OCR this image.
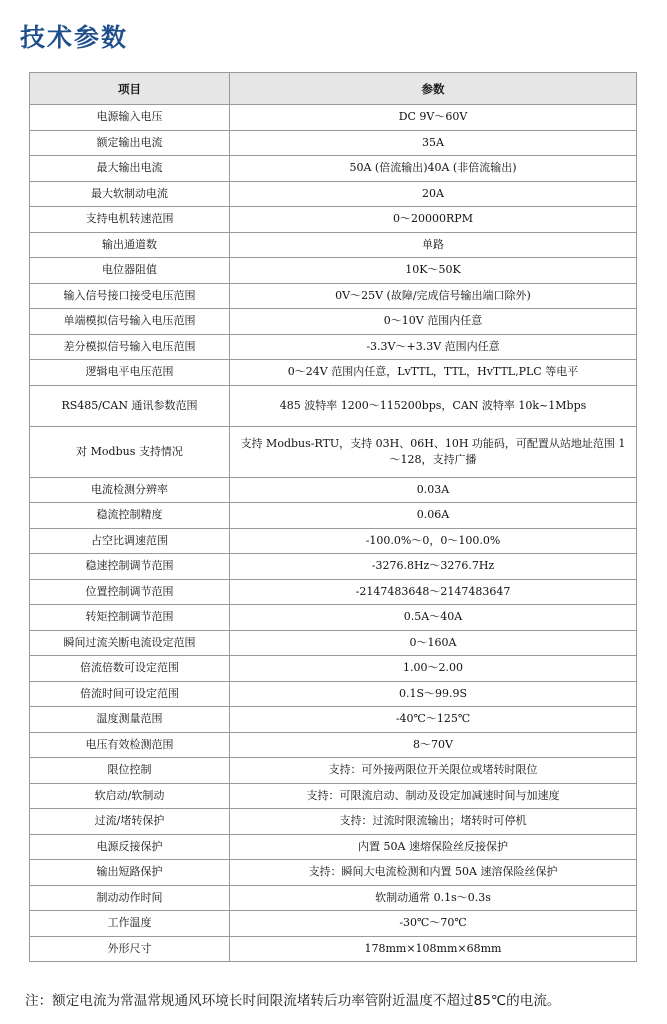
技术参数
项目	参数
电源输入电压	DC 9V～60V
额定输出电流	35A
最大输出电流	50A (倍流输出)40A (非倍流输出)
最大软制动电流	20A
支持电机转速范围	0～20000RPM
输出通道数	单路
电位器阻值	10K～50K
输入信号接口接受电压范围	0V～25V (故障/完成信号输出端口除外)
单端模拟信号输入电压范围	0～10V 范围内任意
差分模拟信号输入电压范围	-3.3V～+3.3V 范围内任意
逻辑电平电压范围	0～24V 范围内任意，LvTTL，TTL，HvTTL,PLC 等电平
RS485/CAN 通讯参数范围	485 波特率 1200～115200bps，CAN 波特率 10k~1Mbps
对 Modbus 支持情况	支持 Modbus-RTU，支持 03H、06H、10H 功能码，可配置从站地址范围 1～128，支持广播
电流检测分辨率	0.03A
稳流控制精度	0.06A
占空比调速范围	-100.0%～0，0～100.0%
稳速控制调节范围	-3276.8Hz～3276.7Hz
位置控制调节范围	-2147483648～2147483647
转矩控制调节范围	0.5A～40A
瞬间过流关断电流设定范围	0～160A
倍流倍数可设定范围	1.00～2.00
倍流时间可设定范围	0.1S～99.9S
温度测量范围	-40℃～125℃
电压有效检测范围	8～70V
限位控制	支持：可外接两限位开关限位或堵转时限位
软启动/软制动	支持：可限流启动、制动及设定加减速时间与加速度
过流/堵转保护	支持：过流时限流输出；堵转时可停机
电源反接保护	内置 50A 速熔保险丝反接保护
输出短路保护	支持：瞬间大电流检测和内置 50A 速溶保险丝保护
制动动作时间	软制动通常 0.1s～0.3s
工作温度	-30℃～70℃
外形尺寸	178mm×108mm×68mm
注：额定电流为常温常规通风环境长时间限流堵转后功率管附近温度不超过85℃的电流。
